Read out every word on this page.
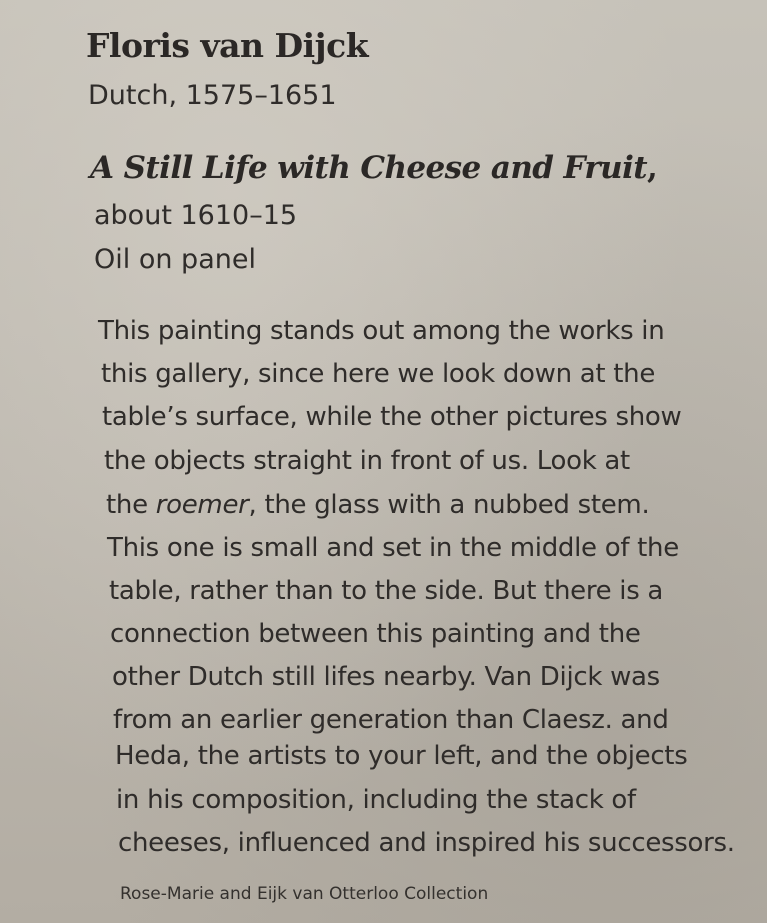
Floris van Dijck
Dutch, 1575–1651
A Still Life with Cheese and Fruit,
about 1610–15
Oil on panel
This painting stands out among the works in
this gallery, since here we look down at the
table’s surface, while the other pictures show
the objects straight in front of us. Look at
the roemer, the glass with a nubbed stem.
This one is small and set in the middle of the
table, rather than to the side. But there is a
connection between this painting and the
other Dutch still lifes nearby. Van Dijck was
from an earlier generation than Claesz. and
Heda, the artists to your left, and the objects
in his composition, including the stack of
cheeses, influenced and inspired his successors.
Rose-Marie and Eijk van Otterloo Collection
